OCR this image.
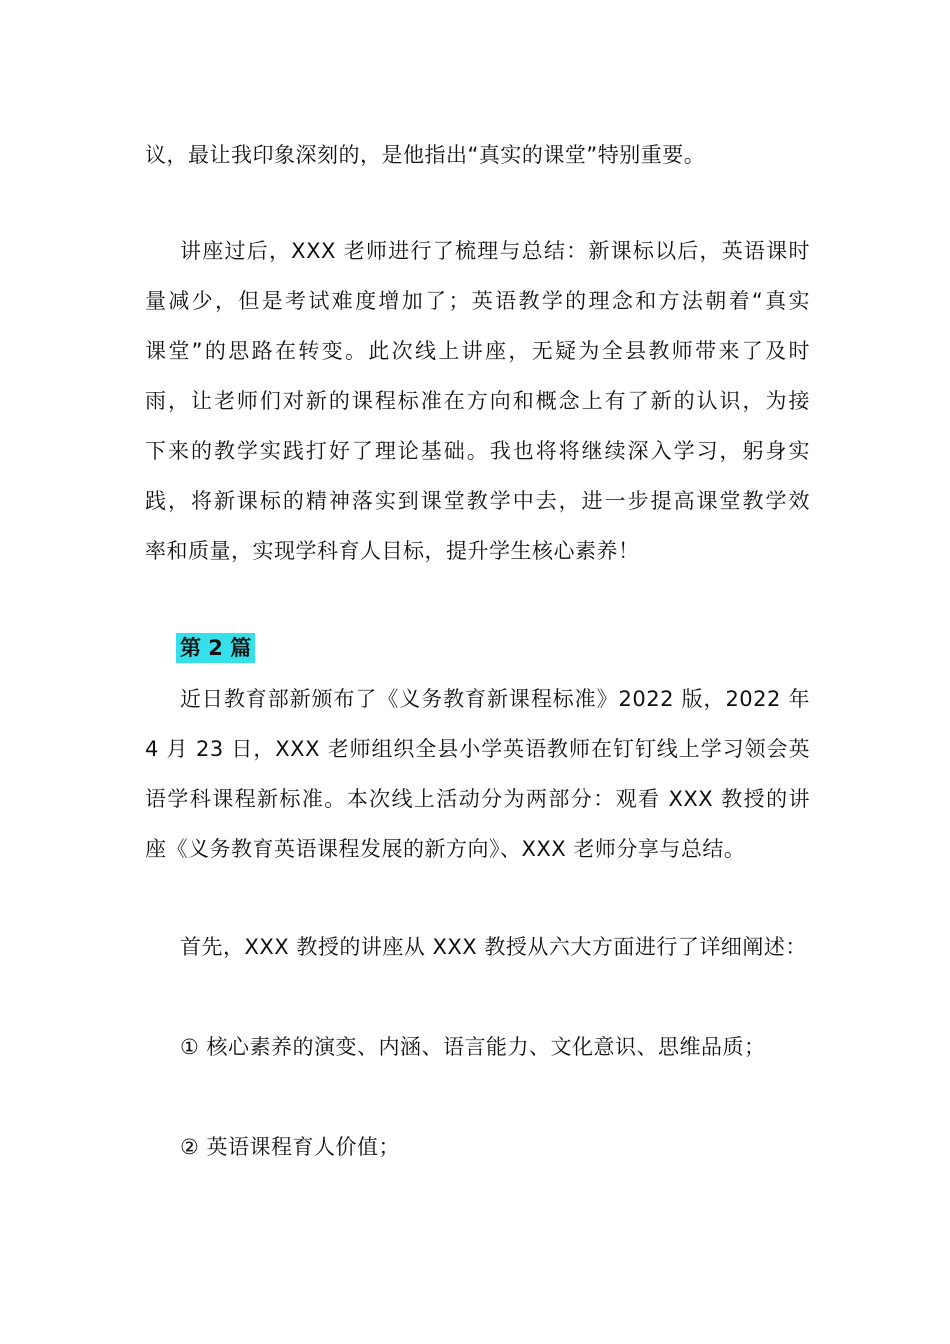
议，最让我印象深刻的，是他指出“真实的课堂”特别重要。
讲座过后，XXX 老师进行了梳理与总结：新课标以后，英语课时
量减少，但是考试难度增加了；英语教学的理念和方法朝着“真实
课堂”的思路在转变。此次线上讲座，无疑为全县教师带来了及时
雨，让老师们对新的课程标准在方向和概念上有了新的认识，为接
下来的教学实践打好了理论基础。我也将将继续深入学习，躬身实
践，将新课标的精神落实到课堂教学中去，进一步提高课堂教学效
率和质量，实现学科育人目标，提升学生核心素养！
第 2 篇
近日教育部新颁布了《义务教育新课程标准》2022 版，2022 年
4 月 23 日，XXX 老师组织全县小学英语教师在钉钉线上学习领会英
语学科课程新标准。本次线上活动分为两部分：观看 XXX 教授的讲
座《义务教育英语课程发展的新方向》、XXX 老师分享与总结。
首先，XXX 教授的讲座从 XXX 教授从六大方面进行了详细阐述：
① 核心素养的演变、内涵、语言能力、文化意识、思维品质；
② 英语课程育人价值；
